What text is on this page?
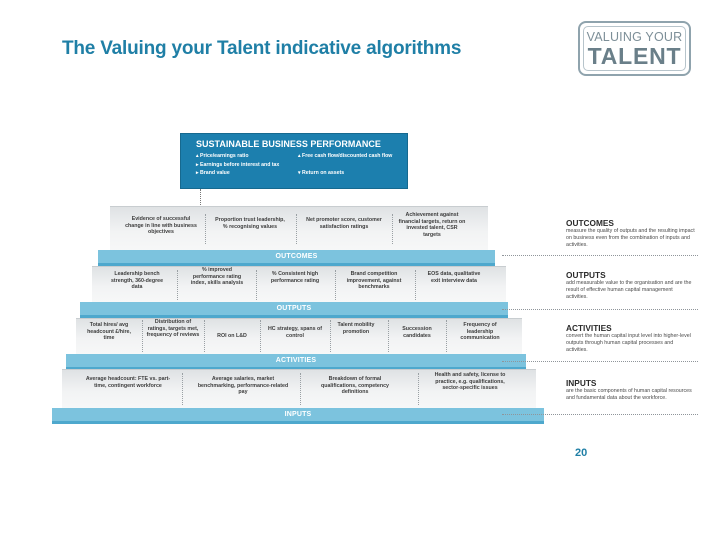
The Valuing your Talent indicative algorithms
VALUING YOUR
TALENT
SUSTAINABLE BUSINESS PERFORMANCE
▴ Price/earnings ratio
▸ Earnings before interest and tax
▸ Brand value
▴ Free cash flow/discounted cash flow

▾ Return on assets
Evidence of successful change in line with business objectives
Proportion trust leadership, % recognising values
Net promoter score, customer satisfaction ratings
Achievement against financial targets, return on invested talent, CSR targets
OUTCOMES
Leadership bench strength, 360-degree data
% improved performance rating index, skills analysis
% Consistent high performance rating
Brand competition improvement, against benchmarks
EOS data, qualitative exit interview data
OUTPUTS
Total hires/ avg headcount £/hire, time
Distribution of ratings, targets met, frequency of reviews	ROI on L&D
HC strategy, spans of control
Talent mobility promotion	Succession candidates
Frequency of leadership communication
ACTIVITIES
Average headcount: FTE vs. part-time, contingent workforce
Average salaries, market benchmarking, performance-related pay
Breakdown of formal qualifications, competency definitions
Health and safety, license to practice, e.g. qualifications, sector-specific issues
INPUTS
OUTCOMES
measure the quality of outputs and the resulting impact on business even from the combination of inputs and activities.
OUTPUTS
add measurable value to the organisation and are the result of effective human capital management activities.
ACTIVITIES
convert the human capital input level into higher-level outputs through human capital processes and activities.
INPUTS
are the basic components of human capital resources and fundamental data about the workforce.
20
